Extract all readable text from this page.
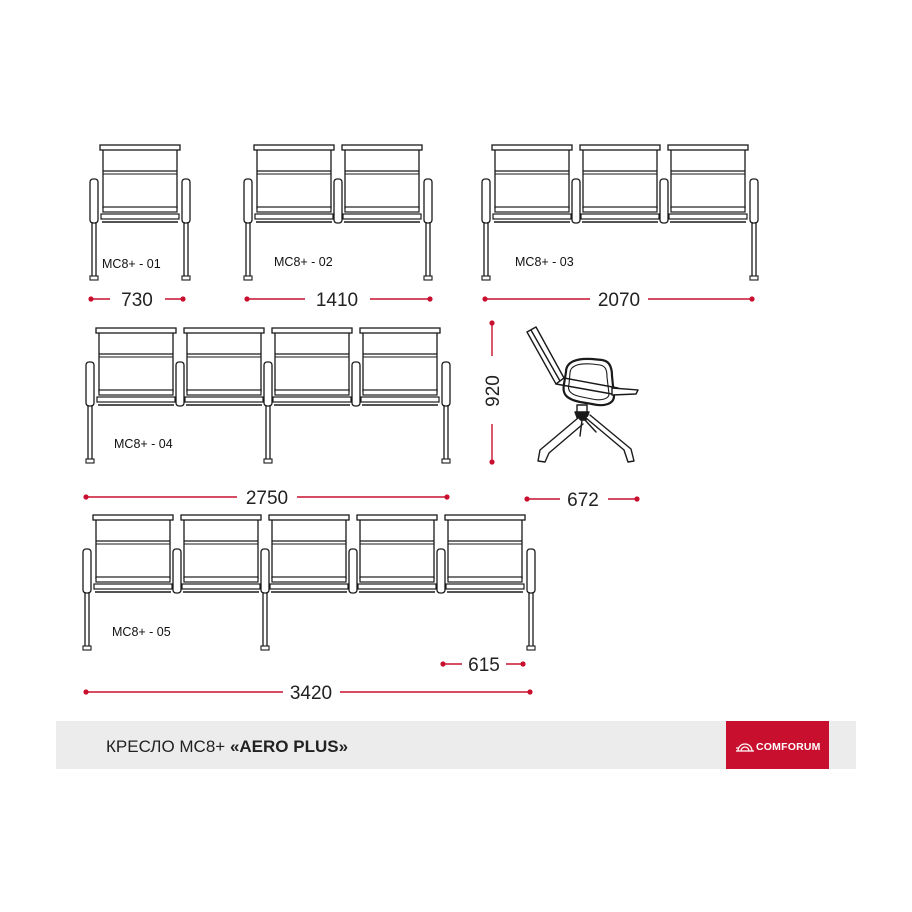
MC8+ - 01
730
MC8+ - 02
1410
MC8+ - 03
2070
MC8+ - 04
920
672
2750
MC8+ - 05
615
3420
КРЕСЛО MC8+ «AERO PLUS»	COMFORUM
